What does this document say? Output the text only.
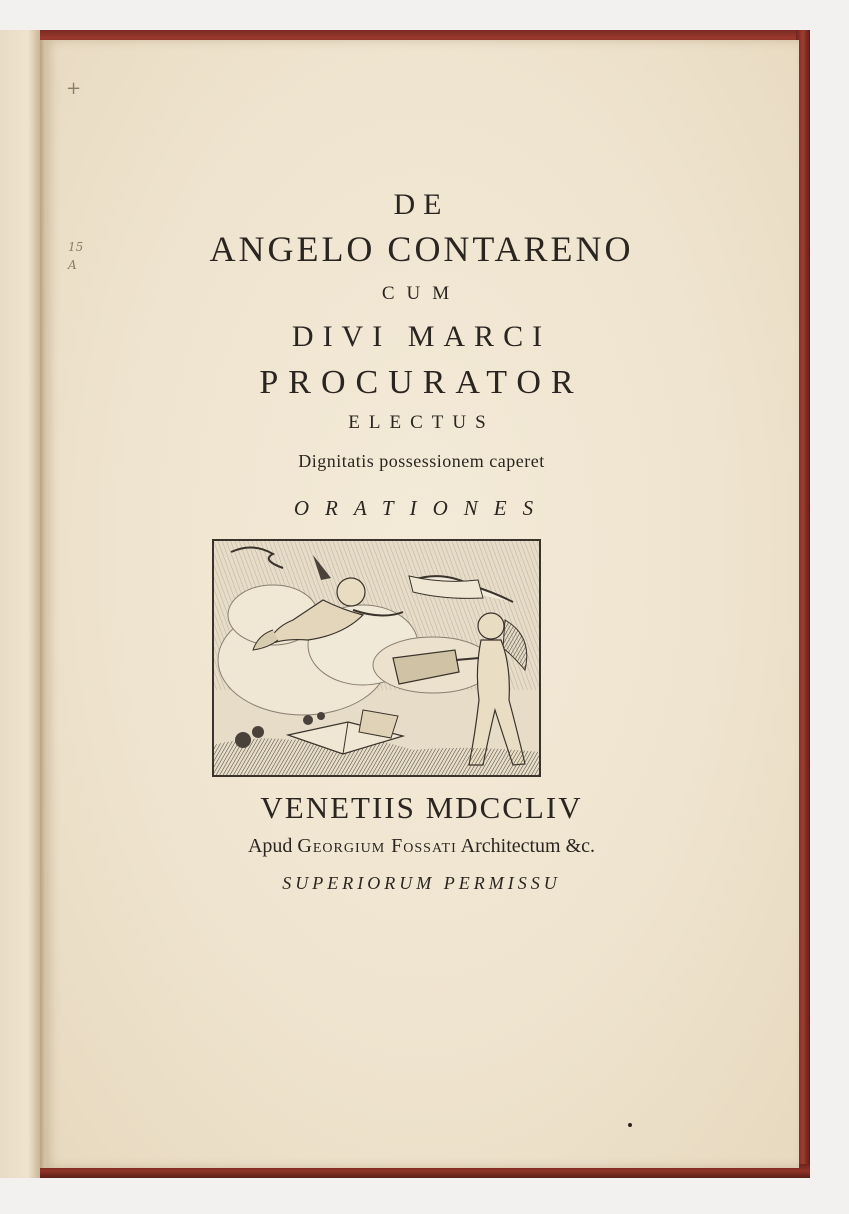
+
15
A
DE
ANGELO CONTARENO
CUM
DIVI MARCI
PROCURATOR
ELECTUS
Dignitatis possessionem caperet
ORATIONES
VENETIIS MDCCLIV
Apud Georgium Fossati Architectum &c.
SUPERIORUM PERMISSU
